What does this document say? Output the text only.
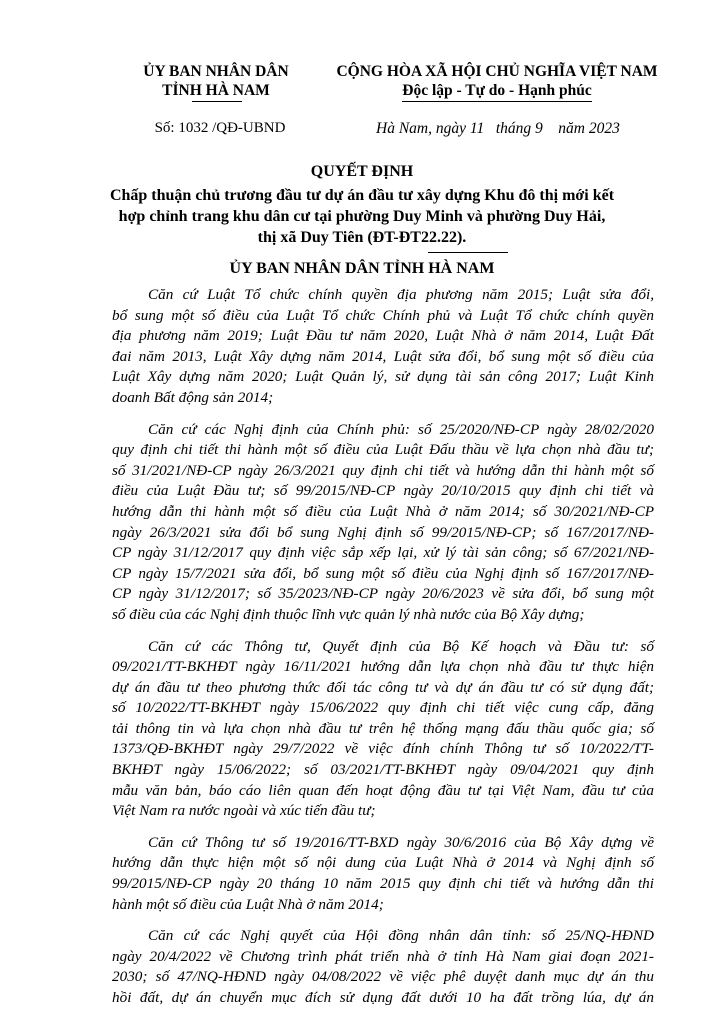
ỦY BAN NHÂN DÂN
TỈNH HÀ NAM
CỘNG HÒA XÃ HỘI CHỦ NGHĨA VIỆT NAM
Độc lập - Tự do - Hạnh phúc
Số: 1032 /QĐ-UBND	Hà Nam, ngày 11   tháng 9    năm 2023
QUYẾT ĐỊNH
Chấp thuận chủ trương đầu tư dự án đầu tư xây dựng Khu đô thị mới kết
hợp chỉnh trang khu dân cư tại phường Duy Minh và phường Duy Hải,
thị xã Duy Tiên (ĐT-ĐT22.22).
ỦY BAN NHÂN DÂN TỈNH HÀ NAM
Căn cứ Luật Tổ chức chính quyền địa phương năm 2015; Luật sửa đổi,
bổ sung một số điều của Luật Tổ chức Chính phủ và Luật Tổ chức chính quyền
địa phương năm 2019; Luật Đầu tư năm 2020, Luật Nhà ở năm 2014, Luật Đất
đai năm 2013, Luật Xây dựng năm 2014, Luật sửa đổi, bổ sung một số điều của
Luật Xây dựng năm 2020; Luật Quản lý, sử dụng tài sản công 2017; Luật Kinh
doanh Bất động sản 2014;
Căn cứ các Nghị định của Chính phủ: số 25/2020/NĐ-CP ngày 28/02/2020
quy định chi tiết thi hành một số điều của Luật Đấu thầu về lựa chọn nhà đầu tư;
số 31/2021/NĐ-CP ngày 26/3/2021 quy định chi tiết và hướng dẫn thi hành một số
điều của Luật Đầu tư; số 99/2015/NĐ-CP ngày 20/10/2015 quy định chi tiết và
hướng dẫn thi hành một số điều của Luật Nhà ở năm 2014; số 30/2021/NĐ-CP
ngày 26/3/2021 sửa đổi bổ sung Nghị định số 99/2015/NĐ-CP; số 167/2017/NĐ-
CP ngày 31/12/2017 quy định việc sắp xếp lại, xử lý tài sản công; số 67/2021/NĐ-
CP ngày 15/7/2021 sửa đổi, bổ sung một số điều của Nghị định số 167/2017/NĐ-
CP ngày 31/12/2017; số 35/2023/NĐ-CP ngày 20/6/2023 về sửa đổi, bổ sung một
số điều của các Nghị định thuộc lĩnh vực quản lý nhà nước của Bộ Xây dựng;
Căn cứ các Thông tư, Quyết định của Bộ Kế hoạch và Đầu tư: số
09/2021/TT-BKHĐT ngày 16/11/2021 hướng dẫn lựa chọn nhà đầu tư thực hiện
dự án đầu tư theo phương thức đối tác công tư và dự án đầu tư có sử dụng đất;
số 10/2022/TT-BKHĐT ngày 15/06/2022 quy định chi tiết việc cung cấp, đăng
tải thông tin và lựa chọn nhà đầu tư trên hệ thống mạng đấu thầu quốc gia; số
1373/QĐ-BKHĐT ngày 29/7/2022 về việc đính chính Thông tư số 10/2022/TT-
BKHĐT ngày 15/06/2022; số 03/2021/TT-BKHĐT ngày 09/04/2021 quy định
mẫu văn bản, báo cáo liên quan đến hoạt động đầu tư tại Việt Nam, đầu tư của
Việt Nam ra nước ngoài và xúc tiến đầu tư;
Căn cứ Thông tư số 19/2016/TT-BXD ngày 30/6/2016 của Bộ Xây dựng về
hướng dẫn thực hiện một số nội dung của Luật Nhà ở 2014 và Nghị định số
99/2015/NĐ-CP ngày 20 tháng 10 năm 2015 quy định chi tiết và hướng dẫn thi
hành một số điều của Luật Nhà ở năm 2014;
Căn cứ các Nghị quyết của Hội đồng nhân dân tỉnh: số 25/NQ-HĐND
ngày 20/4/2022 về Chương trình phát triển nhà ở tỉnh Hà Nam giai đoạn 2021-
2030; số 47/NQ-HĐND ngày 04/08/2022 về việc phê duyệt danh mục dự án thu
hồi đất, dự án chuyển mục đích sử dụng đất dưới 10 ha đất trồng lúa, dự án
